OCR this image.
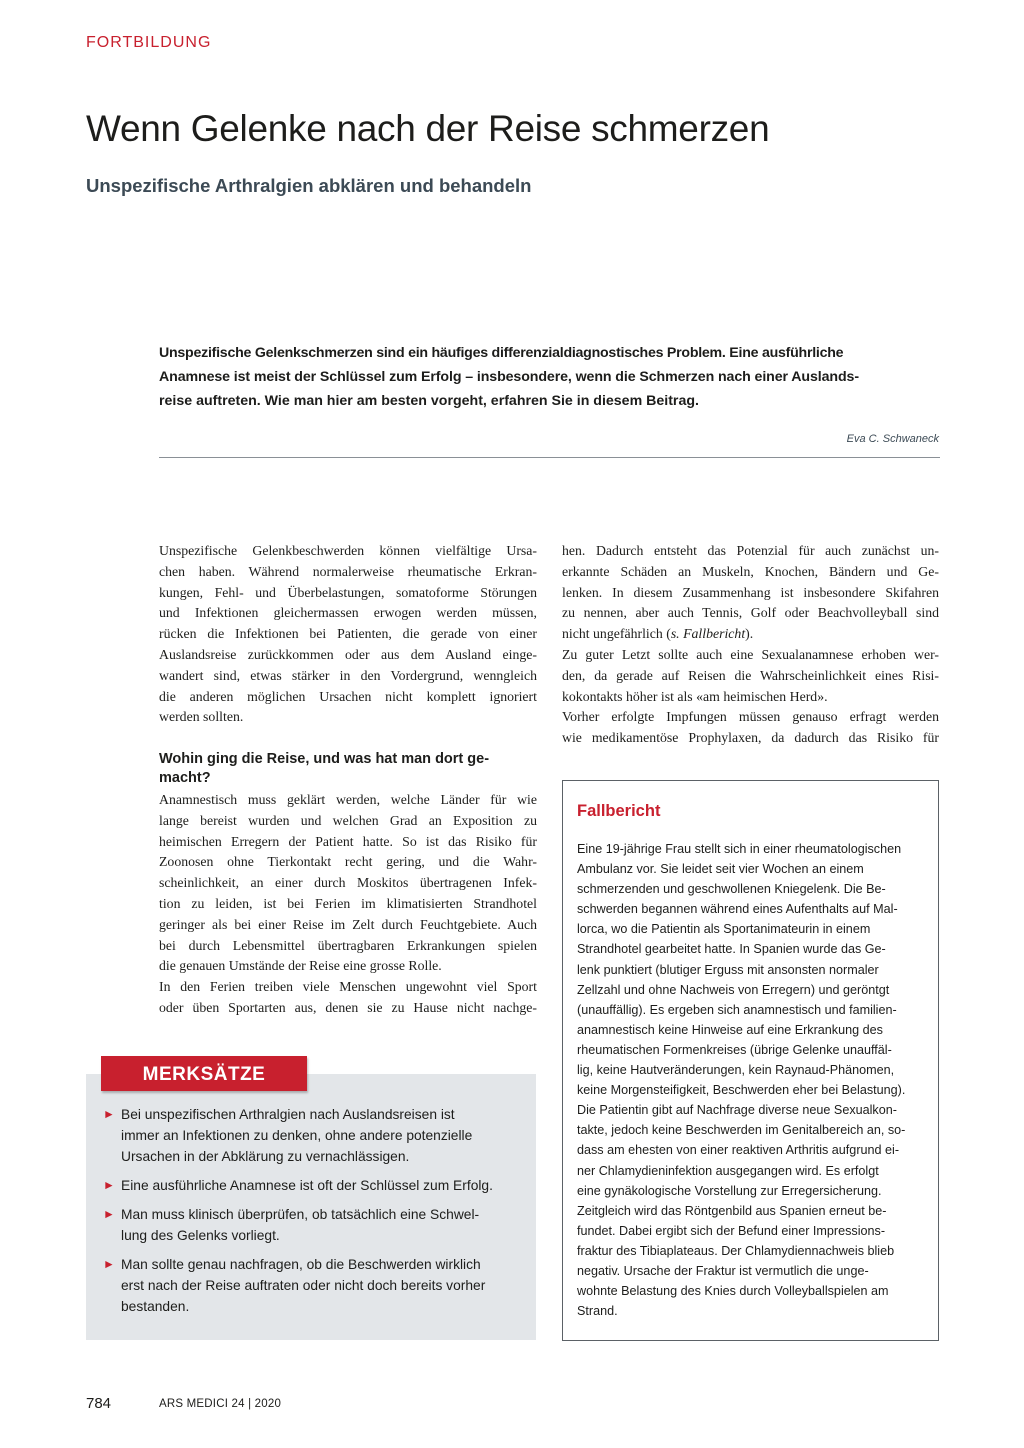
FORTBILDUNG
Wenn Gelenke nach der Reise schmerzen
Unspezifische Arthralgien abklären und behandeln

Unspezifische Gelenkschmerzen sind ein häufiges differenzialdiagnostisches Problem. Eine ausführliche
Anamnese ist meist der Schlüssel zum Erfolg – insbesondere, wenn die Schmerzen nach einer Auslands-
reise auftreten. Wie man hier am besten vorgeht, erfahren Sie in diesem Beitrag.

Eva C. Schwaneck

Unspezifische Gelenkbeschwerden können vielfältige Ursa-
chen haben. Während normalerweise rheumatische Erkran-
kungen, Fehl- und Überbelastungen, somatoforme Störungen
und Infektionen gleichermassen erwogen werden müssen,
rücken die Infektionen bei Patienten, die gerade von einer
Auslandsreise zurückkommen oder aus dem Ausland einge-
wandert sind, etwas stärker in den Vordergrund, wenngleich
die anderen möglichen Ursachen nicht komplett ignoriert
werden sollten.

Wohin ging die Reise, und was hat man dort ge-
macht?

Anamnestisch muss geklärt werden, welche Länder für wie
lange bereist wurden und welchen Grad an Exposition zu
heimischen Erregern der Patient hatte. So ist das Risiko für
Zoonosen ohne Tierkontakt recht gering, und die Wahr-
scheinlichkeit, an einer durch Moskitos übertragenen Infek-
tion zu leiden, ist bei Ferien im klimatisierten Strandhotel
geringer als bei einer Reise im Zelt durch Feuchtgebiete. Auch
bei durch Lebensmittel übertragbaren Erkrankungen spielen
die genauen Umstände der Reise eine grosse Rolle.
In den Ferien treiben viele Menschen ungewohnt viel Sport
oder üben Sportarten aus, denen sie zu Hause nicht nachge-

hen. Dadurch entsteht das Potenzial für auch zunächst un-
erkannte Schäden an Muskeln, Knochen, Bändern und Ge-
lenken. In diesem Zusammenhang ist insbesondere Skifahren
zu nennen, aber auch Tennis, Golf oder Beachvolleyball sind
nicht ungefährlich (s. Fallbericht).
Zu guter Letzt sollte auch eine Sexualanamnese erhoben wer-
den, da gerade auf Reisen die Wahrscheinlichkeit eines Risi-
kokontakts höher ist als «am heimischen Herd».
Vorher erfolgte Impfungen müssen genauso erfragt werden
wie medikamentöse Prophylaxen, da dadurch das Risiko für

Fallbericht

Eine 19-jährige Frau stellt sich in einer rheumatologischen
Ambulanz vor. Sie leidet seit vier Wochen an einem
schmerzenden und geschwollenen Kniegelenk. Die Be-
schwerden begannen während eines Aufenthalts auf Mal-
lorca, wo die Patientin als Sportanimateurin in einem
Strandhotel gearbeitet hatte. In Spanien wurde das Ge-
lenk punktiert (blutiger Erguss mit ansonsten normaler
Zellzahl und ohne Nachweis von Erregern) und geröntgt
(unauffällig). Es ergeben sich anamnestisch und familien-
anamnestisch keine Hinweise auf eine Erkrankung des
rheumatischen Formenkreises (übrige Gelenke unauffäl-
lig, keine Hautveränderungen, kein Raynaud-Phänomen,
keine Morgensteifigkeit, Beschwerden eher bei Belastung).
Die Patientin gibt auf Nachfrage diverse neue Sexualkon-
takte, jedoch keine Beschwerden im Genitalbereich an, so-
dass am ehesten von einer reaktiven Arthritis aufgrund ei-
ner Chlamydieninfektion ausgegangen wird. Es erfolgt
eine gynäkologische Vorstellung zur Erregersicherung.
Zeitgleich wird das Röntgenbild aus Spanien erneut be-
fundet. Dabei ergibt sich der Befund einer Impressions-
fraktur des Tibiaplateaus. Der Chlamydiennachweis blieb
negativ. Ursache der Fraktur ist vermutlich die unge-
wohnte Belastung des Knies durch Volleyballspielen am
Strand.

MERKSÄTZE
► Bei unspezifischen Arthralgien nach Auslandsreisen ist
immer an Infektionen zu denken, ohne andere potenzielle
Ursachen in der Abklärung zu vernachlässigen.
► Eine ausführliche Anamnese ist oft der Schlüssel zum Erfolg.
► Man muss klinisch überprüfen, ob tatsächlich eine Schwel-
lung des Gelenks vorliegt.
► Man sollte genau nachfragen, ob die Beschwerden wirklich
erst nach der Reise auftraten oder nicht doch bereits vorher
bestanden.
784	ARS MEDICI 24 | 2020
